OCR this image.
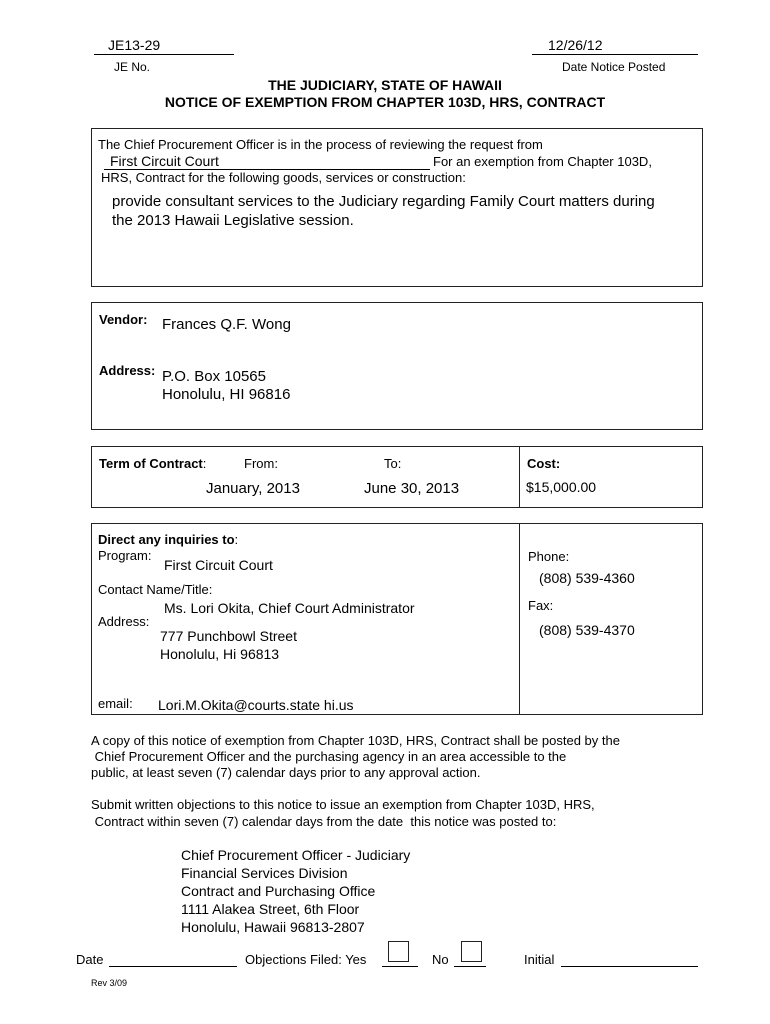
JE13-29
JE No.
12/26/12
Date Notice Posted
THE JUDICIARY, STATE OF HAWAII
NOTICE OF EXEMPTION FROM CHAPTER 103D, HRS, CONTRACT
The Chief Procurement Officer is in the process of reviewing the request from
First Circuit Court	For an exemption from Chapter 103D,
HRS, Contract for the following goods, services or construction:
provide consultant services to the Judiciary regarding Family Court matters during
the 2013 Hawaii Legislative session.
Vendor: Frances Q.F. Wong
Address: P.O. Box 10565
Honolulu, HI 96816
Term of Contract:	From:	To:
January, 2013	June 30, 2013
Cost:
$15,000.00
Direct any inquiries to:
Program:
First Circuit Court
Contact Name/Title:
Ms. Lori Okita, Chief Court Administrator
Address:
777 Punchbowl Street
Honolulu, Hi 96813
email: Lori.M.Okita@courts.state hi.us
Phone:
(808) 539-4360
Fax:
(808) 539-4370
A copy of this notice of exemption from Chapter 103D, HRS, Contract shall be posted by the
Chief Procurement Officer and the purchasing agency in an area accessible to the
public, at least seven (7) calendar days prior to any approval action.
Submit written objections to this notice to issue an exemption from Chapter 103D, HRS,
Contract within seven (7) calendar days from the date  this notice was posted to:
Chief Procurement Officer - Judiciary
Financial Services Division
Contract and Purchasing Office
1111 Alakea Street, 6th Floor
Honolulu, Hawaii 96813-2807
Date	Objections Filed: Yes	No	Initial
Rev 3/09
